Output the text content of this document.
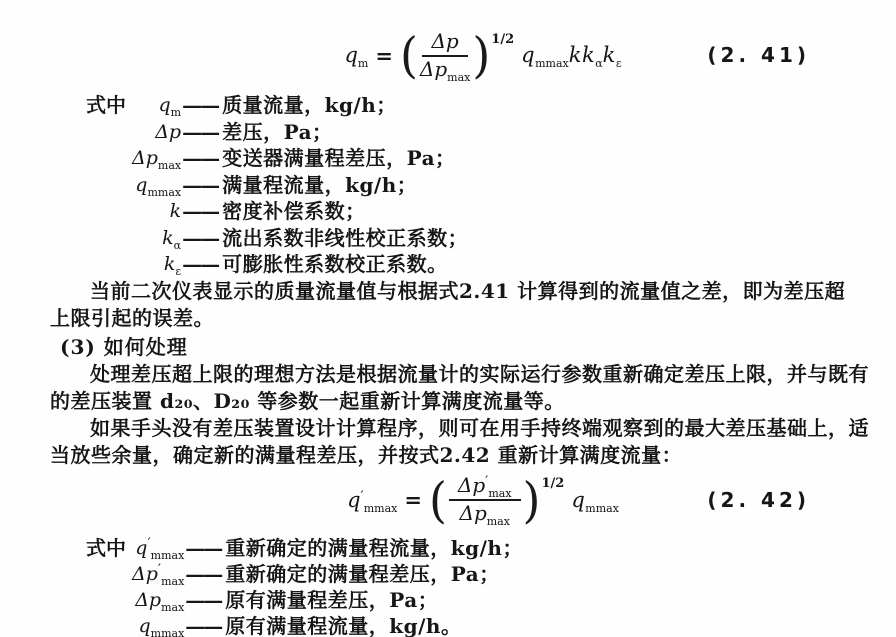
$q_m$ = ( $\frac{\Delta p}{\Delta p_{max}} )^{1/2}$
$q_{mmax}kk_\alpha k_\varepsilon$	(2. 41)
式中	$q_m$ —— 质量流量，kg/h；
Δp —— 差压，Pa；
$\Delta p_{max}$ —— 变送器满量程差压，Pa；
$q_{mmax}$ —— 满量程流量，kg/h；
k —— 密度补偿系数；
$k_\alpha$ —— 流出系数非线性校正系数；
$k_\varepsilon$ —— 可膨胀性系数校正系数。
当前二次仪表显示的质量流量值与根据式2.41 计算得到的流量值之差，即为差压超
上限引起的误差。
(3) 如何处理
处理差压超上限的理想方法是根据流量计的实际运行参数重新确定差压上限，并与既有
的差压装置 d₂₀、D₂₀ 等参数一起重新计算满度流量等。
如果手头没有差压装置设计计算程序，则可在用手持终端观察到的最大差压基础上，适
当放些余量，确定新的满量程差压，并按式2.42 重新计算满度流量：
$q'_{mmax}$ = ( $\frac{\Delta p'_{max}}{\Delta p_{max}} )^{1/2}$
$q_{mmax}$	(2. 42)
式中 $q'_{mmax}$ —— 重新确定的满量程流量，kg/h；
$\Delta p'_{max}$ —— 重新确定的满量程差压，Pa；
$\Delta p_{max}$ —— 原有满量程差压，Pa；
$q_{mmax}$ —— 原有满量程流量，kg/h。
